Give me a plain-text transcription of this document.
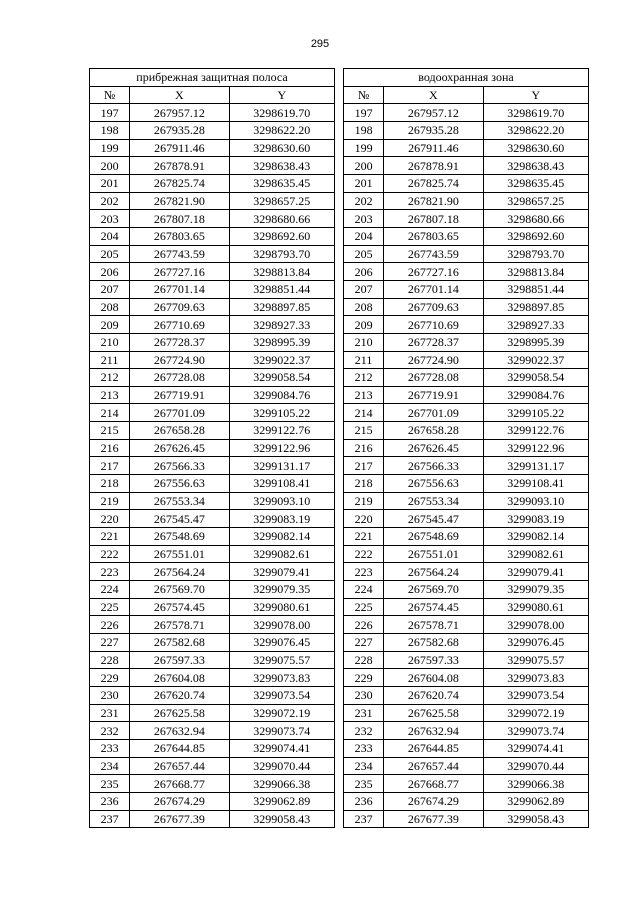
295
прибрежная защитная полоса		
№	X	Y
197	267957.12	3298619.70
198	267935.28	3298622.20
199	267911.46	3298630.60
200	267878.91	3298638.43
201	267825.74	3298635.45
202	267821.90	3298657.25
203	267807.18	3298680.66
204	267803.65	3298692.60
205	267743.59	3298793.70
206	267727.16	3298813.84
207	267701.14	3298851.44
208	267709.63	3298897.85
209	267710.69	3298927.33
210	267728.37	3298995.39
211	267724.90	3299022.37
212	267728.08	3299058.54
213	267719.91	3299084.76
214	267701.09	3299105.22
215	267658.28	3299122.76
216	267626.45	3299122.96
217	267566.33	3299131.17
218	267556.63	3299108.41
219	267553.34	3299093.10
220	267545.47	3299083.19
221	267548.69	3299082.14
222	267551.01	3299082.61
223	267564.24	3299079.41
224	267569.70	3299079.35
225	267574.45	3299080.61
226	267578.71	3299078.00
227	267582.68	3299076.45
228	267597.33	3299075.57
229	267604.08	3299073.83
230	267620.74	3299073.54
231	267625.58	3299072.19
232	267632.94	3299073.74
233	267644.85	3299074.41
234	267657.44	3299070.44
235	267668.77	3299066.38
236	267674.29	3299062.89
237	267677.39	3299058.43
водоохранная зона		
№	X	Y
197	267957.12	3298619.70
198	267935.28	3298622.20
199	267911.46	3298630.60
200	267878.91	3298638.43
201	267825.74	3298635.45
202	267821.90	3298657.25
203	267807.18	3298680.66
204	267803.65	3298692.60
205	267743.59	3298793.70
206	267727.16	3298813.84
207	267701.14	3298851.44
208	267709.63	3298897.85
209	267710.69	3298927.33
210	267728.37	3298995.39
211	267724.90	3299022.37
212	267728.08	3299058.54
213	267719.91	3299084.76
214	267701.09	3299105.22
215	267658.28	3299122.76
216	267626.45	3299122.96
217	267566.33	3299131.17
218	267556.63	3299108.41
219	267553.34	3299093.10
220	267545.47	3299083.19
221	267548.69	3299082.14
222	267551.01	3299082.61
223	267564.24	3299079.41
224	267569.70	3299079.35
225	267574.45	3299080.61
226	267578.71	3299078.00
227	267582.68	3299076.45
228	267597.33	3299075.57
229	267604.08	3299073.83
230	267620.74	3299073.54
231	267625.58	3299072.19
232	267632.94	3299073.74
233	267644.85	3299074.41
234	267657.44	3299070.44
235	267668.77	3299066.38
236	267674.29	3299062.89
237	267677.39	3299058.43
